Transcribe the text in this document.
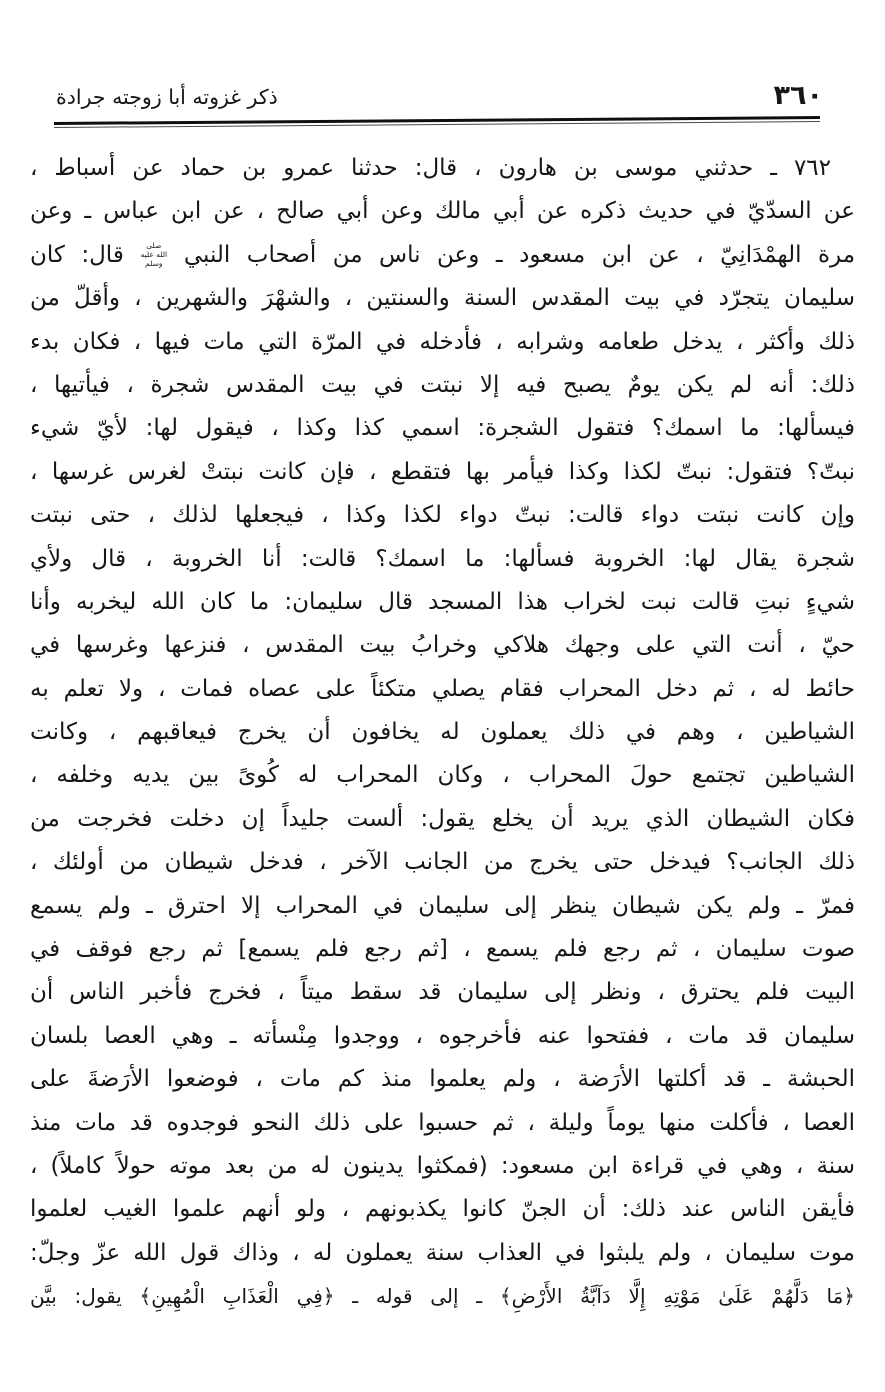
٣٦٠
ذكر غزوته أبا زوجته جرادة
٧٦٢ ـ حدثني موسى بن هارون ، قال: حدثنا عمرو بن حماد عن أسباط ،
عن السدّيّ في حديث ذكره عن أبي مالك وعن أبي صالح ، عن ابن عباس ـ وعن
مرة الهمْدَانِيّ ، عن ابن مسعود ـ وعن ناس من أصحاب النبي صلى الله عليه وسلم قال: كان
سليمان يتجرّد في بيت المقدس السنة والسنتين ، والشهْرَ والشهرين ، وأقلّ من
ذلك وأكثر ، يدخل طعامه وشرابه ، فأدخله في المرّة التي مات فيها ، فكان بدء
ذلك: أنه لم يكن يومٌ يصبح فيه إلا نبتت في بيت المقدس شجرة ، فيأتيها ،
فيسألها: ما اسمك؟ فتقول الشجرة: اسمي كذا وكذا ، فيقول لها: لأيّ شيء
نبتّ؟ فتقول: نبتّ لكذا وكذا فيأمر بها فتقطع ، فإن كانت نبتتْ لغرس غرسها ،
وإن كانت نبتت دواء قالت: نبتّ دواء لكذا وكذا ، فيجعلها لذلك ، حتى نبتت
شجرة يقال لها: الخروبة فسألها: ما اسمك؟ قالت: أنا الخروبة ، قال ولأي
شيءٍ نبتِ قالت نبت لخراب هذا المسجد قال سليمان: ما كان الله ليخربه وأنا
حيّ ، أنت التي على وجهك هلاكي وخرابُ بيت المقدس ، فنزعها وغرسها في
حائط له ، ثم دخل المحراب فقام يصلي متكئاً على عصاه فمات ، ولا تعلم به
الشياطين ، وهم في ذلك يعملون له يخافون أن يخرج فيعاقبهم ، وكانت
الشياطين تجتمع حولَ المحراب ، وكان المحراب له كُوىً بين يديه وخلفه ،
فكان الشيطان الذي يريد أن يخلع يقول: ألست جليداً إن دخلت فخرجت من
ذلك الجانب؟ فيدخل حتى يخرج من الجانب الآخر ، فدخل شيطان من أولئك ،
فمرّ ـ ولم يكن شيطان ينظر إلى سليمان في المحراب إلا احترق ـ ولم يسمع
صوت سليمان ، ثم رجع فلم يسمع ، [ثم رجع فلم يسمع] ثم رجع فوقف في
البيت فلم يحترق ، ونظر إلى سليمان قد سقط ميتاً ، فخرج فأخبر الناس أن
سليمان قد مات ، ففتحوا عنه فأخرجوه ، ووجدوا مِنْسأته ـ وهي العصا بلسان
الحبشة ـ قد أكلتها الأرَضة ، ولم يعلموا منذ كم مات ، فوضعوا الأرَضةَ على
العصا ، فأكلت منها يوماً وليلة ، ثم حسبوا على ذلك النحو فوجدوه قد مات منذ
سنة ، وهي في قراءة ابن مسعود: (فمكثوا يدينون له من بعد موته حولاً كاملاً) ،
فأيقن الناس عند ذلك: أن الجنّ كانوا يكذبونهم ، ولو أنهم علموا الغيب لعلموا
موت سليمان ، ولم يلبثوا في العذاب سنة يعملون له ، وذاك قول الله عزّ وجلّ:
﴿مَا دَلَّهُمْ عَلَىٰ مَوْتِهِ إِلَّا دَآبَّةُ الأَرْضِ﴾ ـ إلى قوله ـ ﴿فِي الْعَذَابِ الْمُهِينِ﴾ يقول: بيَّن
